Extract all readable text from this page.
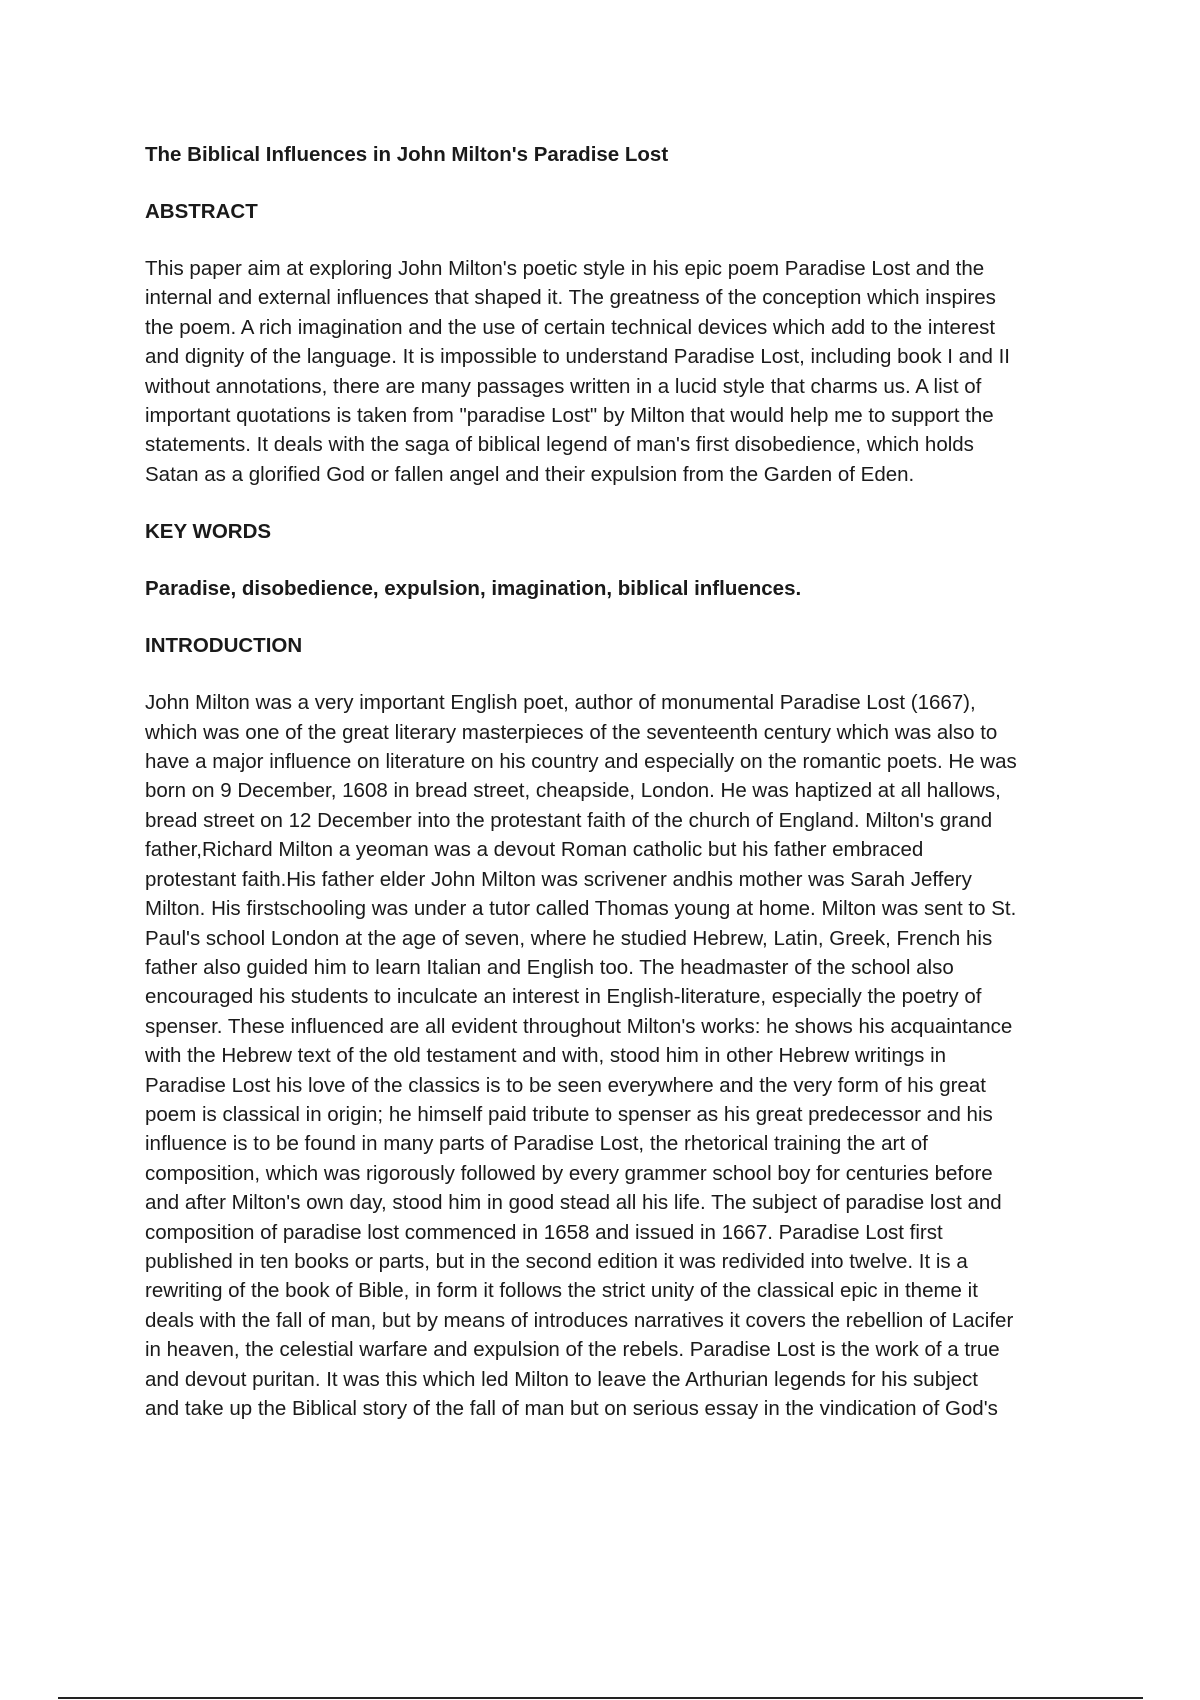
The Biblical Influences in John Milton's Paradise Lost

ABSTRACT

This paper aim at exploring John Milton's poetic style in his epic poem Paradise Lost and the
internal and external influences that shaped it. The greatness of the conception which inspires
the poem. A rich imagination and the use of certain technical devices which add to the interest
and dignity of the language. It is impossible to understand Paradise Lost, including book I and II
without annotations, there are many passages written in a lucid style that charms us. A list of
important quotations is taken from "paradise Lost" by Milton that would help me to support the
statements. It deals with the saga of biblical legend of man's first disobedience, which holds
Satan as a glorified God or fallen angel and their expulsion from the Garden of Eden.

KEY WORDS

Paradise, disobedience, expulsion, imagination, biblical influences.

INTRODUCTION

John Milton was a very important English poet, author of monumental Paradise Lost (1667),
which was one of the great literary masterpieces of the seventeenth century which was also to
have a major influence on literature on his country and especially on the romantic poets. He was
born on 9 December, 1608 in bread street, cheapside, London. He was haptized at all hallows,
bread street on 12 December into the protestant faith of the church of England. Milton's grand
father,Richard Milton a yeoman was a devout Roman catholic but his father embraced
protestant faith.His father elder John Milton was scrivener andhis mother was Sarah Jeffery
Milton. His firstschooling was under a tutor called Thomas young at home. Milton was sent to St.
Paul's school London at the age of seven, where he studied Hebrew, Latin, Greek, French his
father also guided him to learn Italian and English too. The headmaster of the school also
encouraged his students to inculcate an interest in English-literature, especially the poetry of
spenser. These influenced are all evident throughout Milton's works: he shows his acquaintance
with the Hebrew text of the old testament and with, stood him in other Hebrew writings in
Paradise Lost his love of the classics is to be seen everywhere and the very form of his great
poem is classical in origin; he himself paid tribute to spenser as his great predecessor and his
influence is to be found in many parts of Paradise Lost, the rhetorical training the art of
composition, which was rigorously followed by every grammer school boy for centuries before
and after Milton's own day, stood him in good stead all his life. The subject of paradise lost and
composition of paradise lost commenced in 1658 and issued in 1667. Paradise Lost first
published in ten books or parts, but in the second edition it was redivided into twelve. It is a
rewriting of the book of Bible, in form it follows the strict unity of the classical epic in theme it
deals with the fall of man, but by means of introduces narratives it covers the rebellion of Lacifer
in heaven, the celestial warfare and expulsion of the rebels. Paradise Lost is the work of a true
and devout puritan. It was this which led Milton to leave the Arthurian legends for his subject
and take up the Biblical story of the fall of man but on serious essay in the vindication of God's
